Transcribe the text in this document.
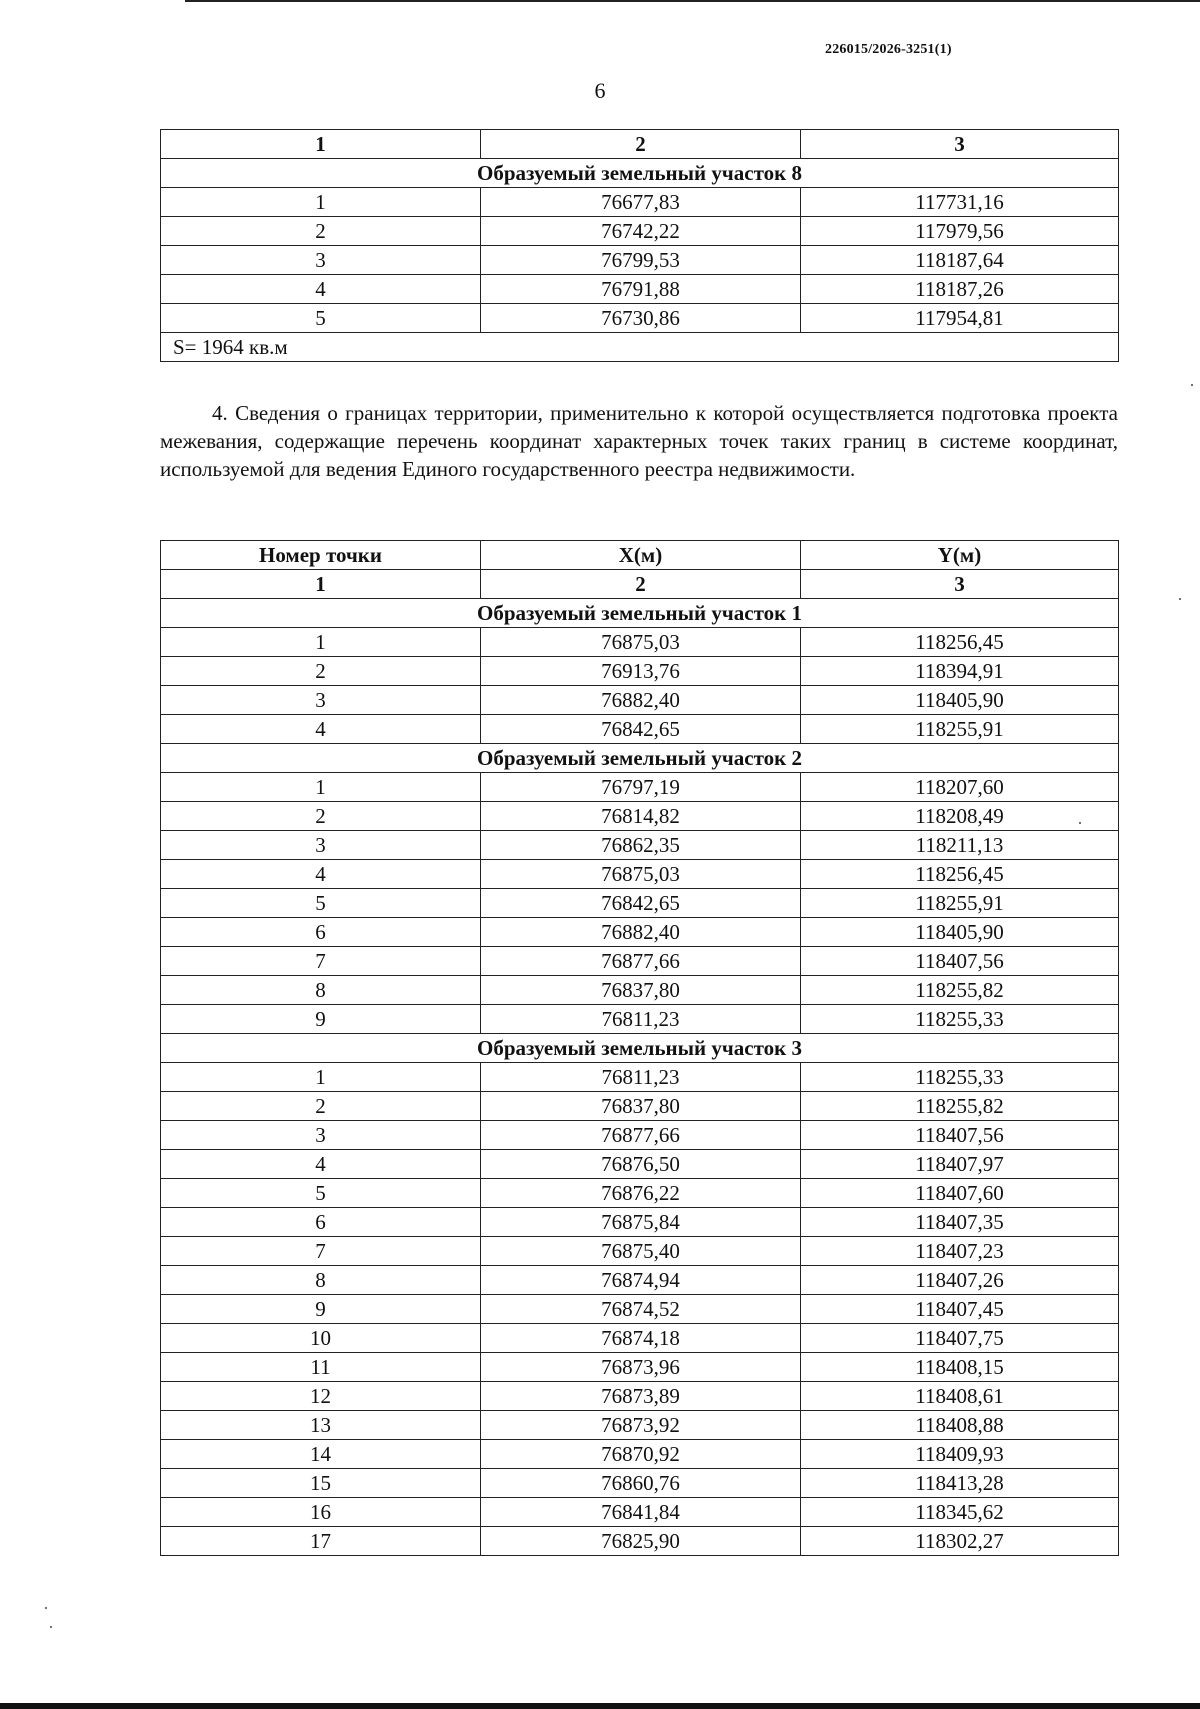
226015/2026-3251(1)
6
1	2	3
Образуемый земельный участок 8		
1	76677,83	117731,16
2	76742,22	117979,56
3	76799,53	118187,64
4	76791,88	118187,26
5	76730,86	117954,81
S= 1964 кв.м		

4. Сведения о границах территории, применительно к которой осуществляется подготовка проекта межевания, содержащие перечень координат характерных точек таких границ в системе координат, используемой для ведения Единого государственного реестра недвижимости.

Номер точки	X(м)	Y(м)
1	2	3
Образуемый земельный участок 1		
1	76875,03	118256,45
2	76913,76	118394,91
3	76882,40	118405,90
4	76842,65	118255,91
Образуемый земельный участок 2		
1	76797,19	118207,60
2	76814,82	118208,49
3	76862,35	118211,13
4	76875,03	118256,45
5	76842,65	118255,91
6	76882,40	118405,90
7	76877,66	118407,56
8	76837,80	118255,82
9	76811,23	118255,33
Образуемый земельный участок 3		
1	76811,23	118255,33
2	76837,80	118255,82
3	76877,66	118407,56
4	76876,50	118407,97
5	76876,22	118407,60
6	76875,84	118407,35
7	76875,40	118407,23
8	76874,94	118407,26
9	76874,52	118407,45
10	76874,18	118407,75
11	76873,96	118408,15
12	76873,89	118408,61
13	76873,92	118408,88
14	76870,92	118409,93
15	76860,76	118413,28
16	76841,84	118345,62
17	76825,90	118302,27
